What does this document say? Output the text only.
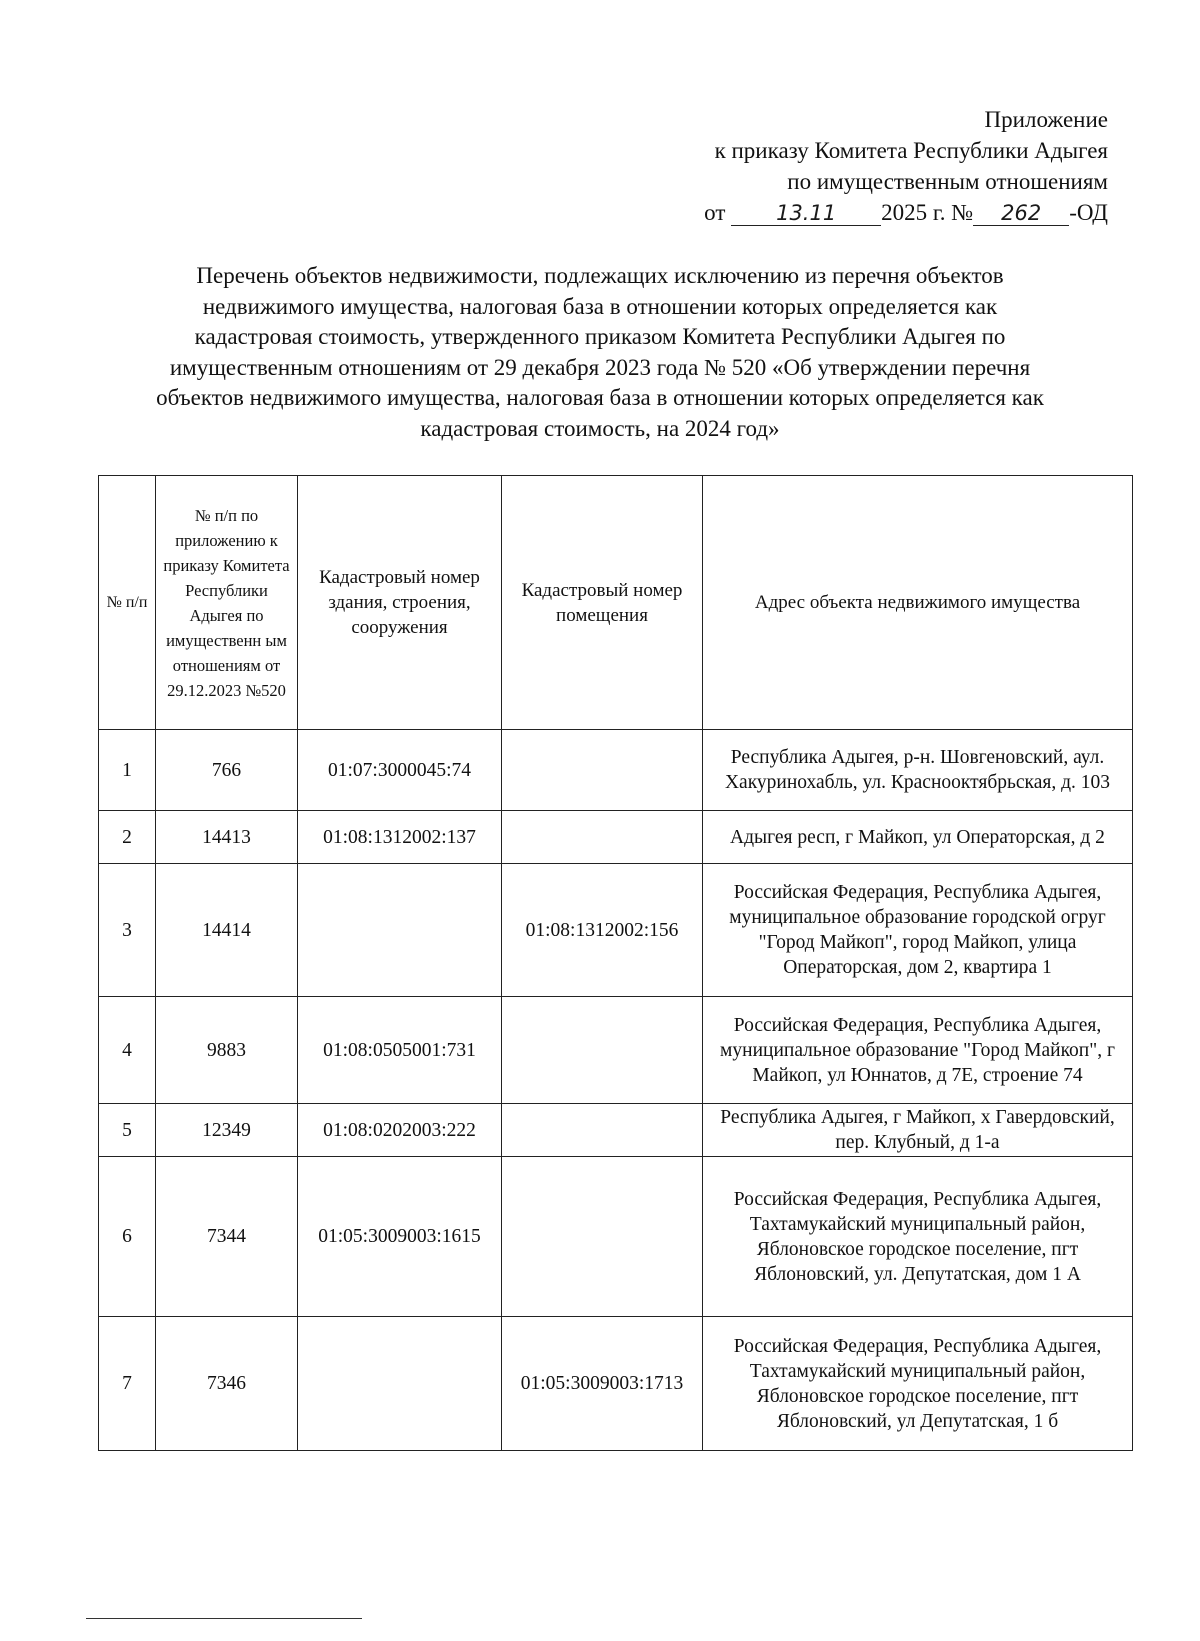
Приложение
к приказу Комитета Республики Адыгея
по имущественным отношениям
от 13.11 2025 г. № 262 -ОД
Перечень объектов недвижимости, подлежащих исключению из перечня объектов
недвижимого имущества, налоговая база в отношении которых определяется как
кадастровая стоимость, утвержденного приказом Комитета Республики Адыгея по
имущественным отношениям от 29 декабря 2023 года № 520 «Об утверждении перечня
объектов недвижимого имущества, налоговая база в отношении которых определяется как
кадастровая стоимость, на 2024 год»
№ п/п	№ п/п по приложению к приказу Комитета Республики Адыгея по имущественн ым отношениям от 29.12.2023 №520	Кадастровый номер здания, строения, сооружения	Кадастровый номер помещения	Адрес объекта недвижимого имущества
1	766	01:07:3000045:74		Республика Адыгея, р-н. Шовгеновский, аул. Хакуринохабль, ул. Краснооктябрьская, д. 103
2	14413	01:08:1312002:137		Адыгея респ, г Майкоп, ул Операторская, д 2
3	14414		01:08:1312002:156	Российская Федерация, Республика Адыгея, муниципальное образование городской огруг "Город Майкоп", город Майкоп, улица Операторская, дом 2, квартира 1
4	9883	01:08:0505001:731		Российская Федерация, Республика Адыгея, муниципальное образование "Город Майкоп", г Майкоп, ул Юннатов, д 7Е, строение 74
5	12349	01:08:0202003:222		Республика Адыгея, г Майкоп, х Гавердовский, пер. Клубный, д 1-а
6	7344	01:05:3009003:1615		Российская Федерация, Республика Адыгея, Тахтамукайский муниципальный район, Яблоновское городское поселение, пгт Яблоновский, ул. Депутатская, дом 1 А
7	7346		01:05:3009003:1713	Российская Федерация, Республика Адыгея, Тахтамукайский муниципальный район, Яблоновское городское поселение, пгт Яблоновский, ул Депутатская, 1 б
